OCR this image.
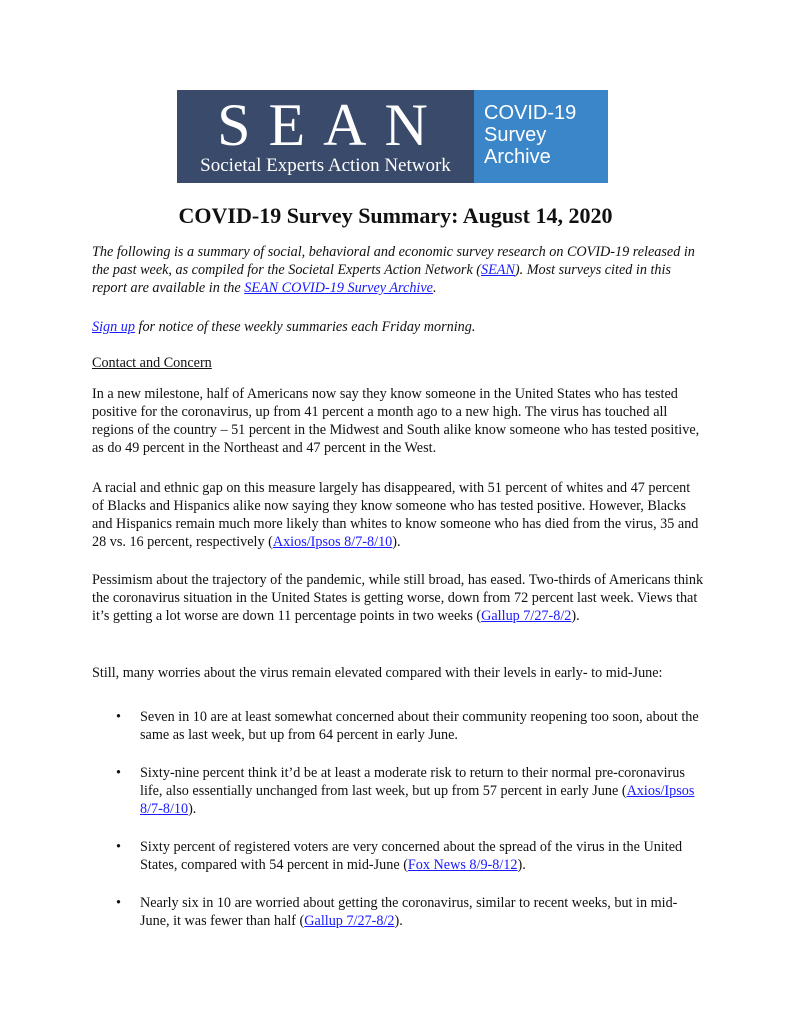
SEAN
Societal Experts Action Network
COVID-19
Survey
Archive
COVID-19 Survey Summary: August 14, 2020
The following is a summary of social, behavioral and economic survey research on COVID-19 released in the past week, as compiled for the Societal Experts Action Network (SEAN). Most surveys cited in this report are available in the SEAN COVID-19 Survey Archive.
Sign up for notice of these weekly summaries each Friday morning.
Contact and Concern
In a new milestone, half of Americans now say they know someone in the United States who has tested positive for the coronavirus, up from 41 percent a month ago to a new high. The virus has touched all regions of the country – 51 percent in the Midwest and South alike know someone who has tested positive, as do 49 percent in the Northeast and 47 percent in the West.
A racial and ethnic gap on this measure largely has disappeared, with 51 percent of whites and 47 percent of Blacks and Hispanics alike now saying they know someone who has tested positive. However, Blacks and Hispanics remain much more likely than whites to know someone who has died from the virus, 35 and 28 vs. 16 percent, respectively (Axios/Ipsos 8/7-8/10).
Pessimism about the trajectory of the pandemic, while still broad, has eased. Two-thirds of Americans think the coronavirus situation in the United States is getting worse, down from 72 percent last week. Views that it’s getting a lot worse are down 11 percentage points in two weeks (Gallup 7/27-8/2).
Still, many worries about the virus remain elevated compared with their levels in early- to mid-June:
• Seven in 10 are at least somewhat concerned about their community reopening too soon, about the same as last week, but up from 64 percent in early June.
• Sixty-nine percent think it’d be at least a moderate risk to return to their normal pre-coronavirus life, also essentially unchanged from last week, but up from 57 percent in early June (Axios/Ipsos 8/7-8/10).
• Sixty percent of registered voters are very concerned about the spread of the virus in the United States, compared with 54 percent in mid-June (Fox News 8/9-8/12).
• Nearly six in 10 are worried about getting the coronavirus, similar to recent weeks, but in mid-June, it was fewer than half (Gallup 7/27-8/2).
